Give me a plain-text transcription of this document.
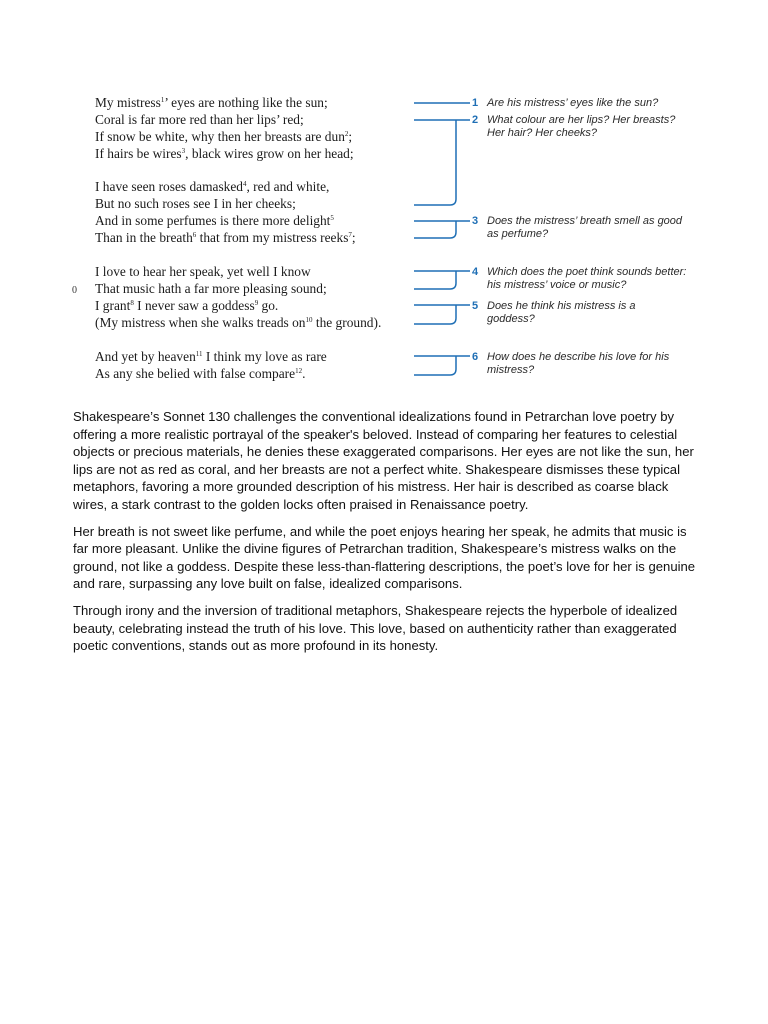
0
My mistress$^1$’ eyes are nothing like the sun;
Coral is far more red than her lips’ red;
If snow be white, why then her breasts are dun$^2$;
If hairs be wires$^3$, black wires grow on her head;
I have seen roses damasked$^4$, red and white,
But no such roses see I in her cheeks;
And in some perfumes is there more delight$^5$
Than in the breath$^6$ that from my mistress reeks$^7$;
I love to hear her speak, yet well I know
That music hath a far more pleasing sound;
I grant$^8$ I never saw a goddess$^9$ go.
(My mistress when she walks treads $on^{10}$ the ground).
And yet by heaven$^{11}$ I think my love as rare
As any she belied with false compare$^{12}$.
1 Are his mistress’ eyes like the sun?
2 What colour are her lips? Her breasts? Her hair? Her cheeks?
3 Does the mistress’ breath smell as good as perfume?
4 Which does the poet think sounds better: his mistress’ voice or music?
5 Does he think his mistress is a goddess?
6 How does he describe his love for his mistress?

Shakespeare’s Sonnet 130 challenges the conventional idealizations found in Petrarchan love poetry by offering a more realistic portrayal of the speaker's beloved. Instead of comparing her features to celestial objects or precious materials, he denies these exaggerated comparisons. Her eyes are not like the sun, her lips are not as red as coral, and her breasts are not a perfect white. Shakespeare dismisses these typical metaphors, favoring a more grounded description of his mistress. Her hair is described as coarse black wires, a stark contrast to the golden locks often praised in Renaissance poetry.

Her breath is not sweet like perfume, and while the poet enjoys hearing her speak, he admits that music is far more pleasant. Unlike the divine figures of Petrarchan tradition, Shakespeare’s mistress walks on the ground, not like a goddess. Despite these less-than-flattering descriptions, the poet’s love for her is genuine and rare, surpassing any love built on false, idealized comparisons.

Through irony and the inversion of traditional metaphors, Shakespeare rejects the hyperbole of idealized beauty, celebrating instead the truth of his love. This love, based on authenticity rather than exaggerated poetic conventions, stands out as more profound in its honesty.
